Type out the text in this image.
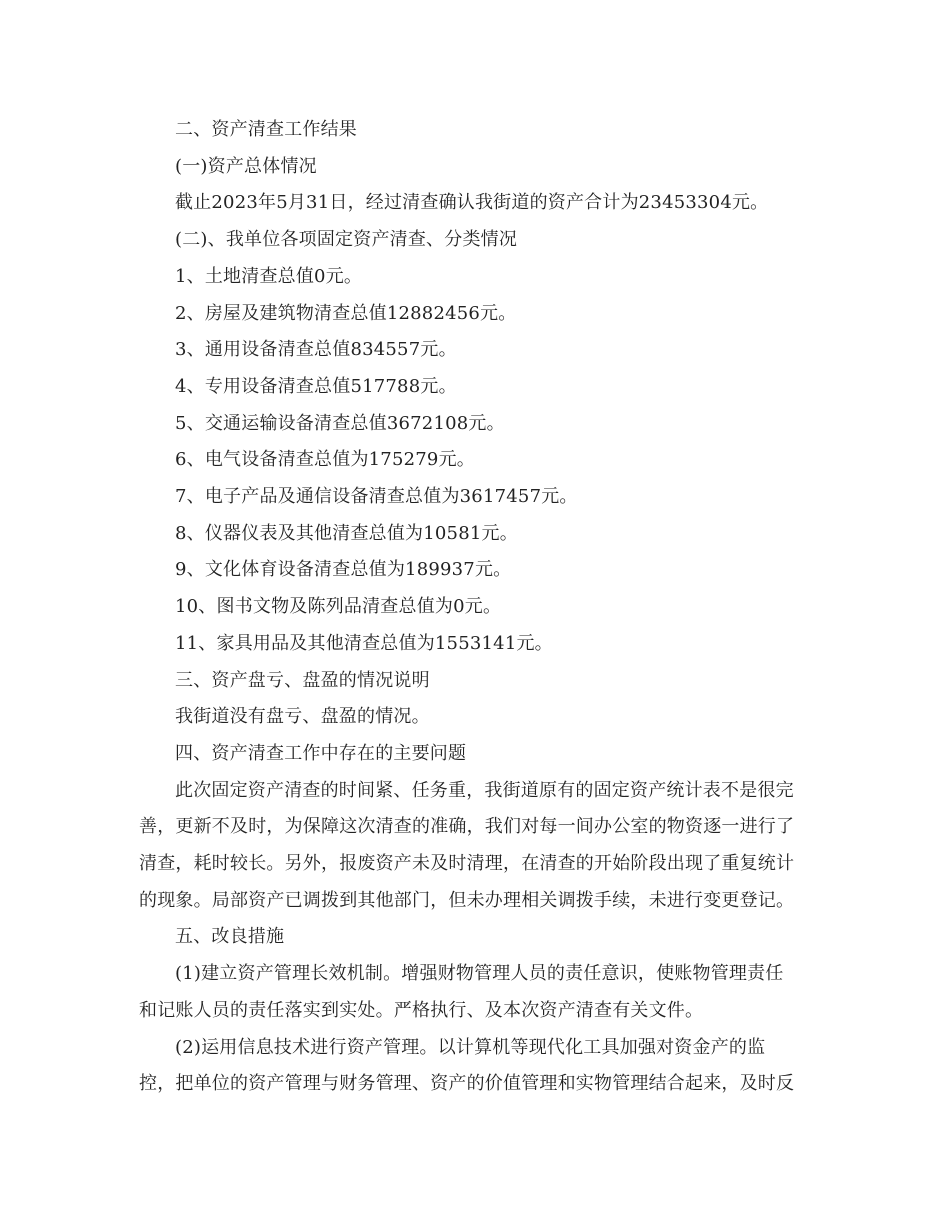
二、资产清查工作结果

(一)资产总体情况

截止2023年5月31日，经过清查确认我街道的资产合计为23453304元。

(二)、我单位各项固定资产清查、分类情况

1、土地清查总值0元。

2、房屋及建筑物清查总值12882456元。

3、通用设备清查总值834557元。

4、专用设备清查总值517788元。

5、交通运输设备清查总值3672108元。

6、电气设备清查总值为175279元。

7、电子产品及通信设备清查总值为3617457元。

8、仪器仪表及其他清查总值为10581元。

9、文化体育设备清查总值为189937元。

10、图书文物及陈列品清查总值为0元。

11、家具用品及其他清查总值为1553141元。

三、资产盘亏、盘盈的情况说明

我街道没有盘亏、盘盈的情况。

四、资产清查工作中存在的主要问题

此次固定资产清查的时间紧、任务重，我街道原有的固定资产统计表不是很完
善，更新不及时，为保障这次清查的准确，我们对每一间办公室的物资逐一进行了
清查，耗时较长。另外，报废资产未及时清理，在清查的开始阶段出现了重复统计
的现象。局部资产已调拨到其他部门，但未办理相关调拨手续，未进行变更登记。

五、改良措施

(1)建立资产管理长效机制。增强财物管理人员的责任意识，使账物管理责任
和记账人员的责任落实到实处。严格执行、及本次资产清查有关文件。

(2)运用信息技术进行资产管理。以计算机等现代化工具加强对资金产的监
控，把单位的资产管理与财务管理、资产的价值管理和实物管理结合起来，及时反
